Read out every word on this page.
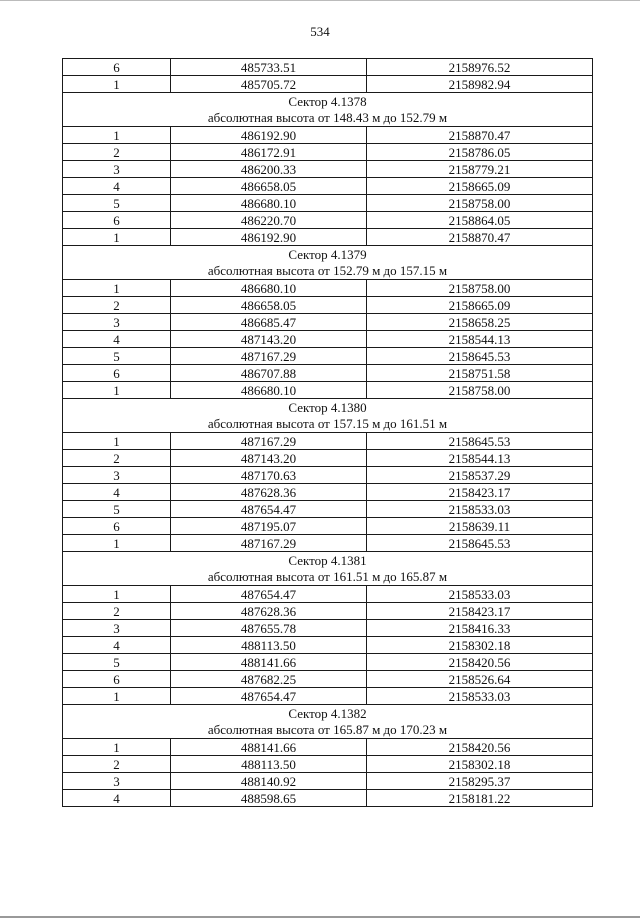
534
6	485733.51	2158976.52
1	485705.72	2158982.94

Сектор 4.1378
абсолютная высота от 148.43 м до 152.79 м		

1	486192.90	2158870.47
2	486172.91	2158786.05
3	486200.33	2158779.21
4	486658.05	2158665.09
5	486680.10	2158758.00
6	486220.70	2158864.05
1	486192.90	2158870.47

Сектор 4.1379
абсолютная высота от 152.79 м до 157.15 м		

1	486680.10	2158758.00
2	486658.05	2158665.09
3	486685.47	2158658.25
4	487143.20	2158544.13
5	487167.29	2158645.53
6	486707.88	2158751.58
1	486680.10	2158758.00

Сектор 4.1380
абсолютная высота от 157.15 м до 161.51 м		

1	487167.29	2158645.53
2	487143.20	2158544.13
3	487170.63	2158537.29
4	487628.36	2158423.17
5	487654.47	2158533.03
6	487195.07	2158639.11
1	487167.29	2158645.53

Сектор 4.1381
абсолютная высота от 161.51 м до 165.87 м		

1	487654.47	2158533.03
2	487628.36	2158423.17
3	487655.78	2158416.33
4	488113.50	2158302.18
5	488141.66	2158420.56
6	487682.25	2158526.64
1	487654.47	2158533.03

Сектор 4.1382
абсолютная высота от 165.87 м до 170.23 м		

1	488141.66	2158420.56
2	488113.50	2158302.18
3	488140.92	2158295.37
4	488598.65	2158181.22
